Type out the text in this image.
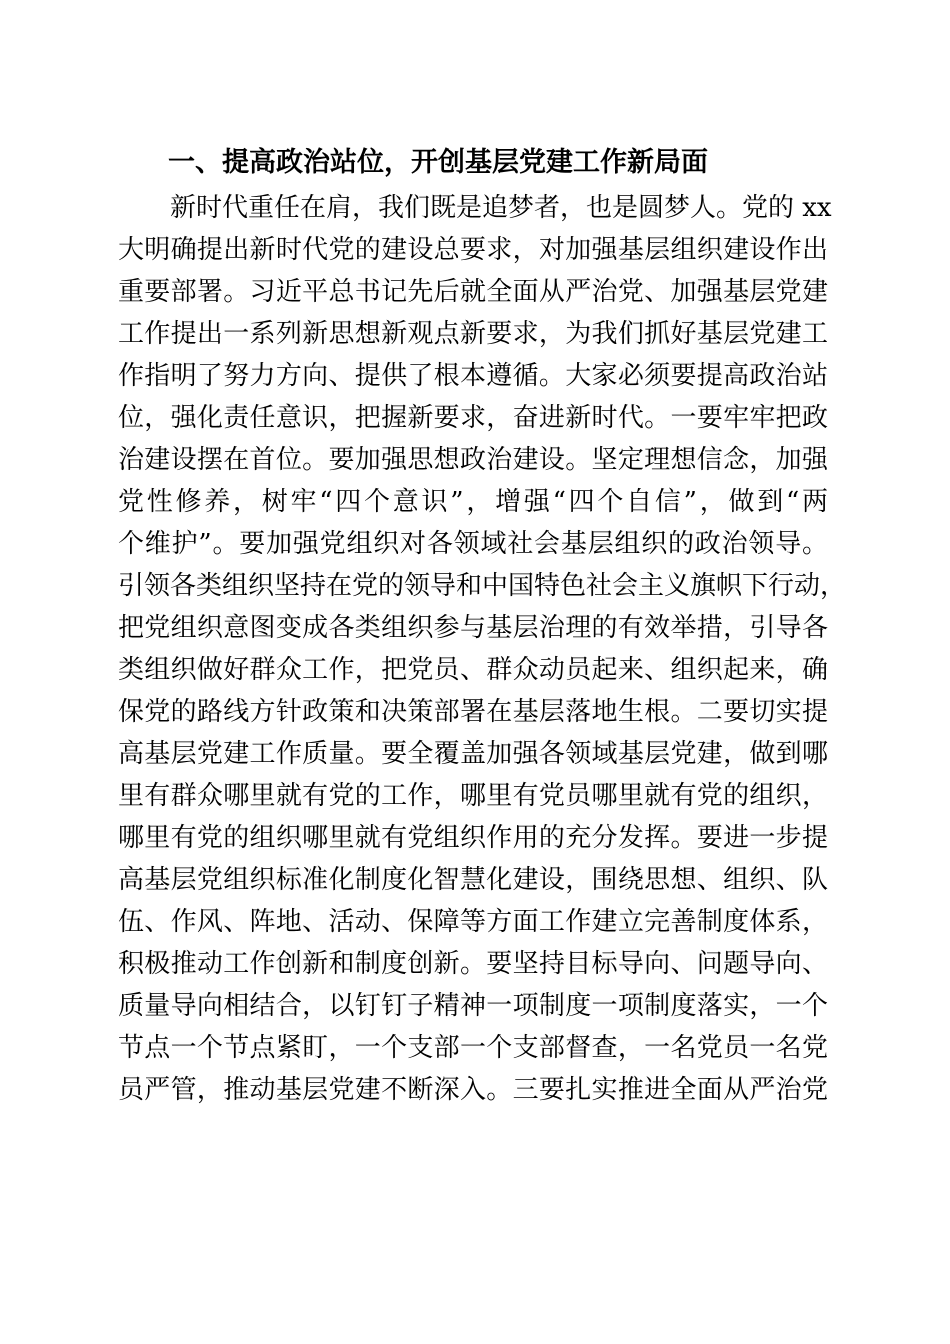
一、提高政治站位，开创基层党建工作新局面
新时代重任在肩，我们既是追梦者，也是圆梦人。党的 xx
大明确提出新时代党的建设总要求，对加强基层组织建设作出
重要部署。习近平总书记先后就全面从严治党、加强基层党建
工作提出一系列新思想新观点新要求，为我们抓好基层党建工
作指明了努力方向、提供了根本遵循。大家必须要提高政治站
位，强化责任意识，把握新要求，奋进新时代。一要牢牢把政
治建设摆在首位。要加强思想政治建设。坚定理想信念，加强
党性修养，树牢“四个意识”，增强“四个自信”，做到“两
个维护”。要加强党组织对各领域社会基层组织的政治领导。
引领各类组织坚持在党的领导和中国特色社会主义旗帜下行动，
把党组织意图变成各类组织参与基层治理的有效举措，引导各
类组织做好群众工作，把党员、群众动员起来、组织起来，确
保党的路线方针政策和决策部署在基层落地生根。二要切实提
高基层党建工作质量。要全覆盖加强各领域基层党建，做到哪
里有群众哪里就有党的工作，哪里有党员哪里就有党的组织，
哪里有党的组织哪里就有党组织作用的充分发挥。要进一步提
高基层党组织标准化制度化智慧化建设，围绕思想、组织、队
伍、作风、阵地、活动、保障等方面工作建立完善制度体系，
积极推动工作创新和制度创新。要坚持目标导向、问题导向、
质量导向相结合，以钉钉子精神一项制度一项制度落实，一个
节点一个节点紧盯，一个支部一个支部督查，一名党员一名党
员严管，推动基层党建不断深入。三要扎实推进全面从严治党
